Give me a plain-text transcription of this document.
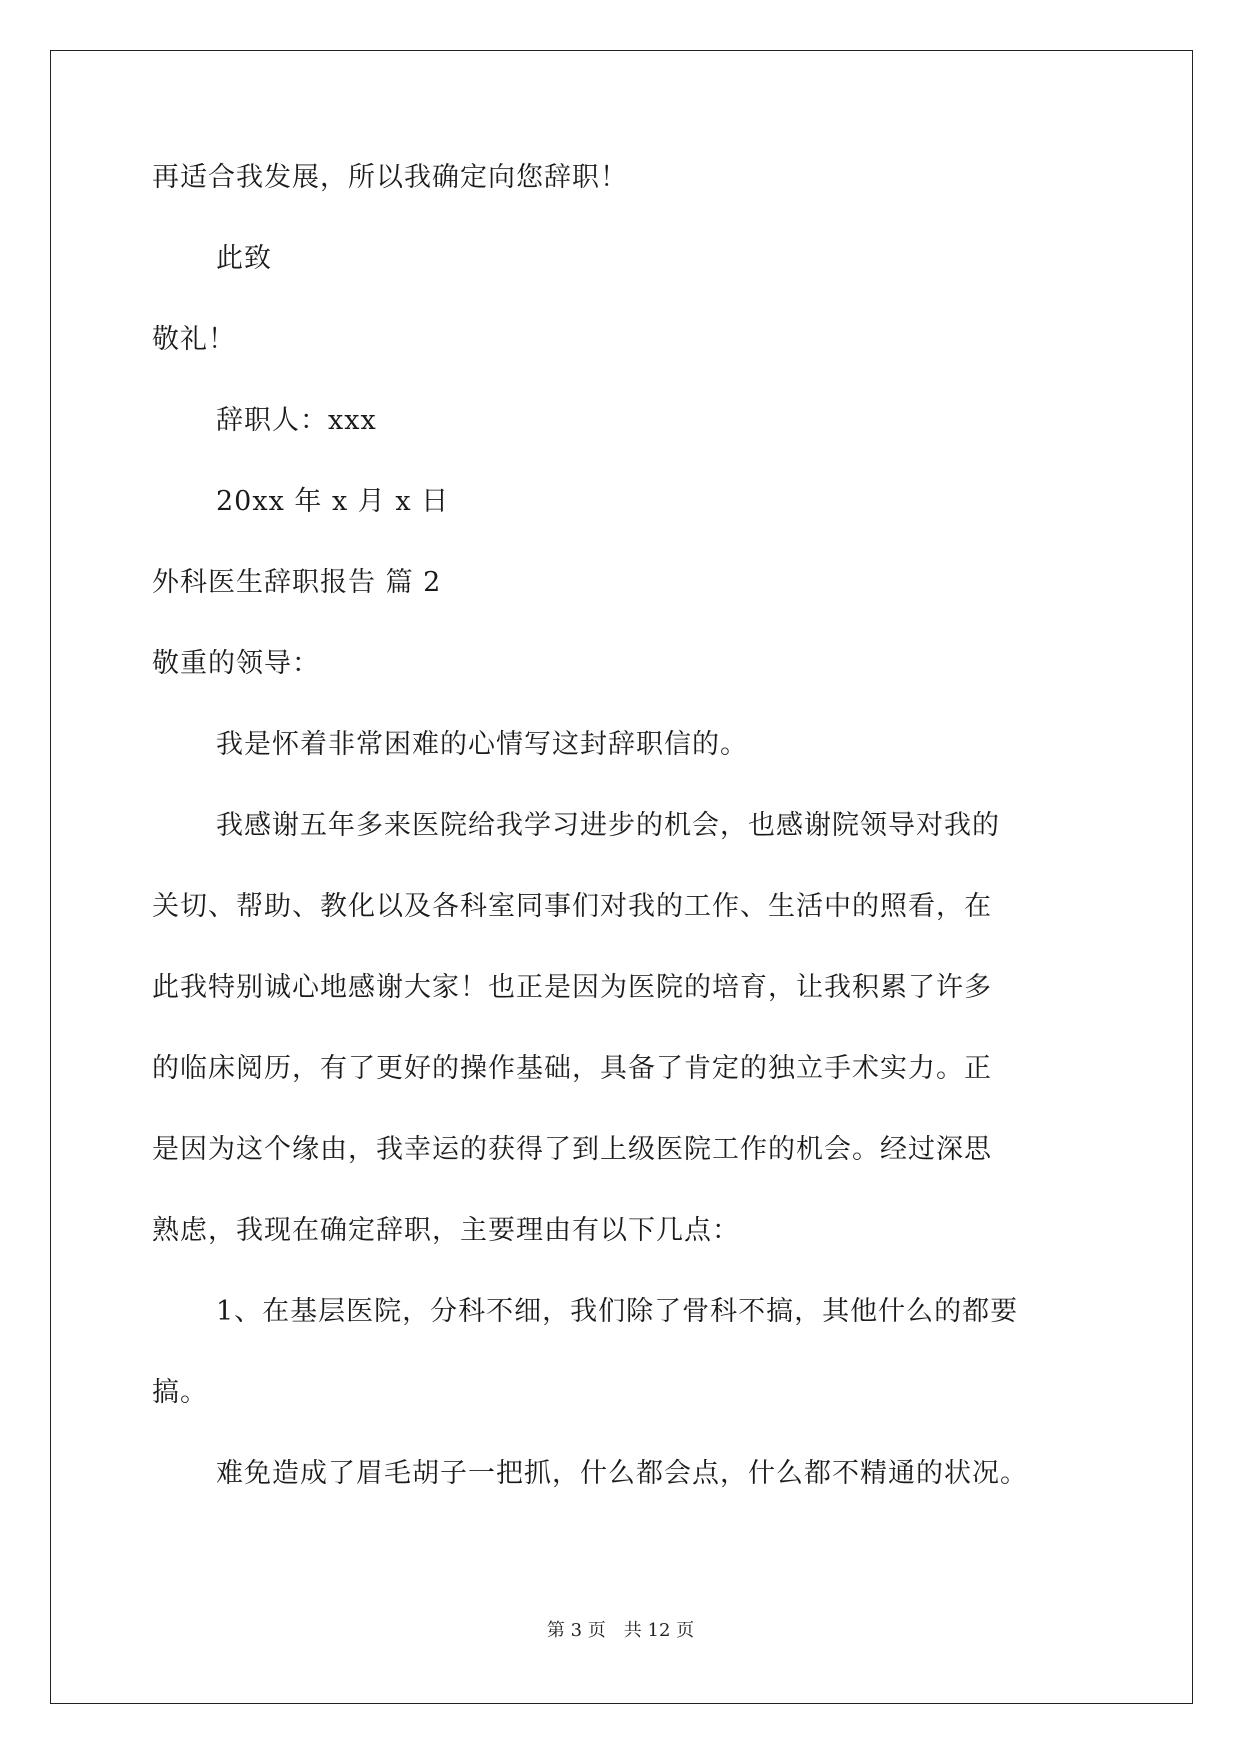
再适合我发展，所以我确定向您辞职！
此致
敬礼！
辞职人：xxx
20xx 年 x 月 x 日
外科医生辞职报告 篇 2
敬重的领导：
我是怀着非常困难的心情写这封辞职信的。
我感谢五年多来医院给我学习进步的机会，也感谢院领导对我的
关切、帮助、教化以及各科室同事们对我的工作、生活中的照看，在
此我特别诚心地感谢大家！也正是因为医院的培育，让我积累了许多
的临床阅历，有了更好的操作基础，具备了肯定的独立手术实力。正
是因为这个缘由，我幸运的获得了到上级医院工作的机会。经过深思
熟虑，我现在确定辞职，主要理由有以下几点：
1、在基层医院，分科不细，我们除了骨科不搞，其他什么的都要
搞。
难免造成了眉毛胡子一把抓，什么都会点，什么都不精通的状况。
第 3 页 共 12 页
